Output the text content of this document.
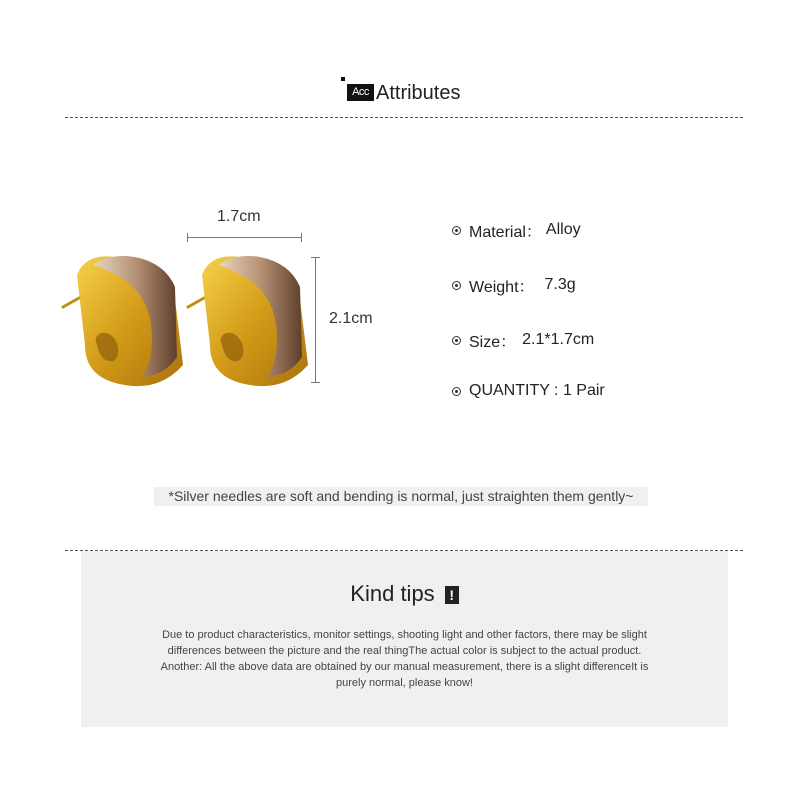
Acc Attributes
1.7cm
2.1cm
Material： Alloy
Weight： 7.3g
Size： 2.1*1.7cm
QUANTITY : 1 Pair
*Silver needles are soft and bending is normal, just straighten them gently~
Kind tips !
Due to product characteristics, monitor settings, shooting light and other factors, there may be slight
differences between the picture and the real thingThe actual color is subject to the actual product.
Another: All the above data are obtained by our manual measurement, there is a slight differenceIt is
purely normal, please know!
